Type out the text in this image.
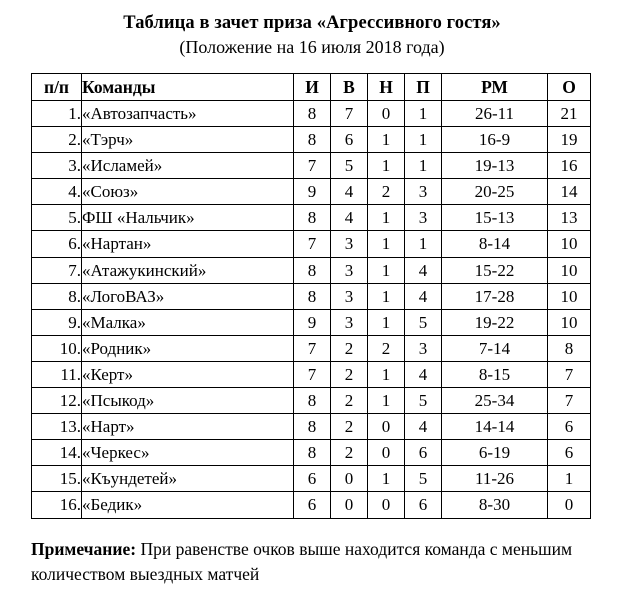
Таблица в зачет приза «Агрессивного гостя»
(Положение на 16 июля 2018 года)
п/п	Команды	И	В	Н	П	РМ	О
1.	«Автозапчасть»	8	7	0	1	26-11	21
2.	«Тэрч»	8	6	1	1	16-9	19
3.	«Исламей»	7	5	1	1	19-13	16
4.	«Союз»	9	4	2	3	20-25	14
5.	ФШ «Нальчик»	8	4	1	3	15-13	13
6.	«Нартан»	7	3	1	1	8-14	10
7.	«Атажукинский»	8	3	1	4	15-22	10
8.	«ЛогоВАЗ»	8	3	1	4	17-28	10
9.	«Малка»	9	3	1	5	19-22	10
10.	«Родник»	7	2	2	3	7-14	8
11.	«Керт»	7	2	1	4	8-15	7
12.	«Псыкод»	8	2	1	5	25-34	7
13.	«Нарт»	8	2	0	4	14-14	6
14.	«Черкес»	8	2	0	6	6-19	6
15.	«Къундетей»	6	0	1	5	11-26	1
16.	«Бедик»	6	0	0	6	8-30	0
Примечание: При равенстве очков выше находится команда с меньшим количеством выездных матчей
